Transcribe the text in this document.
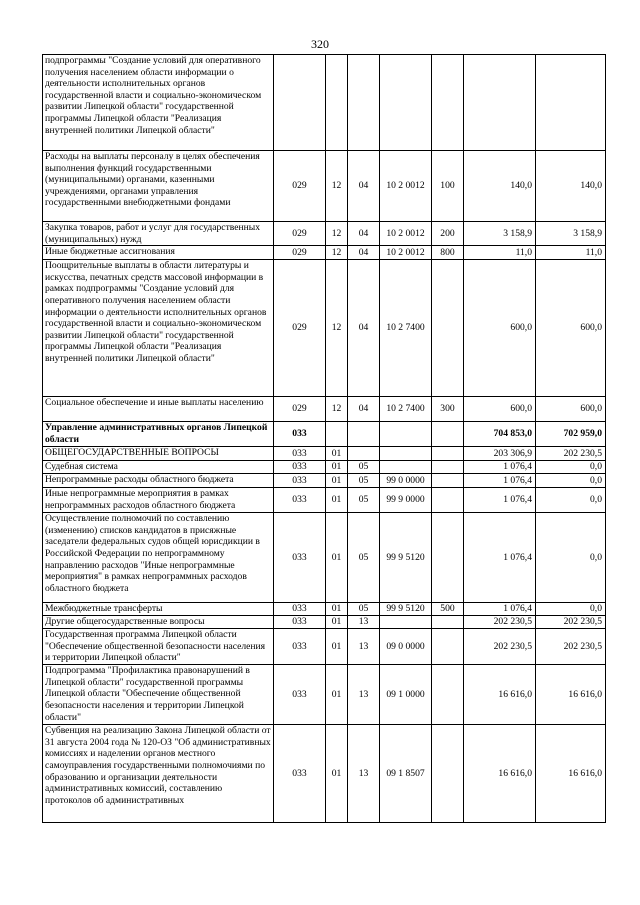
320
подпрограммы "Создание условий для оперативного получения населением области информации о деятельности исполнительных органов государственной власти и социально-экономическом развитии Липецкой области" государственной программы Липецкой области "Реализация внутренней политики Липецкой области"							
Расходы на выплаты персоналу в целях обеспечения выполнения функций государственными (муниципальными) органами, казенными учреждениями, органами управления государственными внебюджетными фондами	029	12	04	10 2 0012	100	140,0	140,0
Закупка товаров, работ и услуг для государственных (муниципальных) нужд	029	12	04	10 2 0012	200	3 158,9	3 158,9
Иные бюджетные ассигнования	029	12	04	10 2 0012	800	11,0	11,0
Поощрительные выплаты в области литературы и искусства, печатных средств массовой информации в рамках подпрограммы "Создание условий для оперативного получения населением области информации о деятельности исполнительных органов государственной власти и социально-экономическом развитии Липецкой области" государственной программы Липецкой области "Реализация внутренней политики Липецкой области"	029	12	04	10 2 7400		600,0	600,0
Социальное обеспечение и иные выплаты населению	029	12	04	10 2 7400	300	600,0	600,0
Управление административных органов Липецкой области	033					704 853,0	702 959,0
ОБЩЕГОСУДАРСТВЕННЫЕ ВОПРОСЫ	033	01				203 306,9	202 230,5
Судебная система	033	01	05			1 076,4	0,0
Непрограммные расходы областного бюджета	033	01	05	99 0 0000		1 076,4	0,0
Иные непрограммные мероприятия в рамках непрограммных расходов областного бюджета	033	01	05	99 9 0000		1 076,4	0,0
Осуществление полномочий по составлению (изменению) списков кандидатов в присяжные заседатели федеральных судов общей юрисдикции в Российской Федерации по непрограммному направлению расходов "Иные непрограммные мероприятия" в рамках непрограммных расходов областного бюджета	033	01	05	99 9 5120		1 076,4	0,0
Межбюджетные трансферты	033	01	05	99 9 5120	500	1 076,4	0,0
Другие общегосударственные вопросы	033	01	13			202 230,5	202 230,5
Государственная программа Липецкой области "Обеспечение общественной безопасности населения и территории Липецкой области"	033	01	13	09 0 0000		202 230,5	202 230,5
Подпрограмма "Профилактика правонарушений в Липецкой области" государственной программы Липецкой области "Обеспечение общественной безопасности населения и территории Липецкой области"	033	01	13	09 1 0000		16 616,0	16 616,0
Субвенция на реализацию Закона Липецкой области от 31 августа 2004 года № 120-ОЗ "Об административных комиссиях и наделении органов местного самоуправления государственными полномочиями по образованию и организации деятельности административных комиссий, составлению протоколов об административных	033	01	13	09 1 8507		16 616,0	16 616,0
